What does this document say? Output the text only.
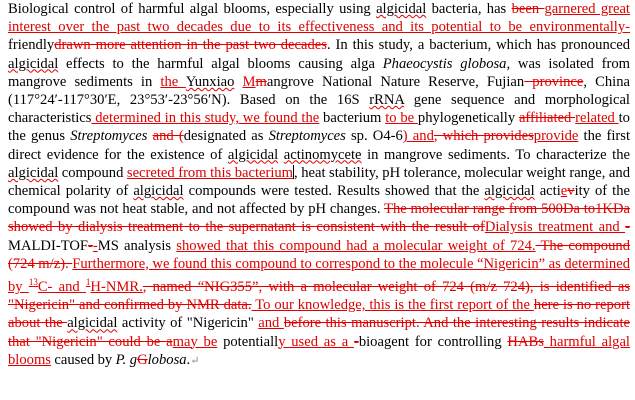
Biological control of harmful algal blooms, especially using algicidal bacteria, has been garnered great interest over the past two decades due to its effectiveness and its potential to be environmentally-friendlydrawn more attention in the past two decades. In this study, a bacterium, which has pronounced algicidal effects to the harmful algal blooms causing alga Phaeocystis globosa, was isolated from mangrove sediments in the Yunxiao Mmangrove National Nature Reserve, Fujian province, China (117°24′-117°30′E, 23°53′-23°56′N). Based on the 16S rRNA gene sequence and morphological characteristics determined in this study, we found the bacterium to be phylogenetically affiliated related to the genus Streptomyces and (designated as Streptomyces sp. O4-6) and, which providesprovide the first direct evidence for the existence of algicidal actinomycete in mangrove sediments. To characterize the algicidal compound secreted from this bacterium, heat stability, pH tolerance, molecular weight range, and chemical polarity of algicidal compounds were tested. Results showed that the algicidal actievity of the compound was not heat stable, and not affected by pH changes. The molecular range from 500Da to1KDa showed by dialysis treatment to the supernatant is consistent with the result ofDialysis treatment and -MALDI-TOF--MS analysis showed that this compound had a molecular weight of 724. The compound (724 m/z). Furthermore, we found this compound to correspond to the molecule “Nigericin” as determined by $^{13}$C- and $^1$H-NMR., named “NIG355”, with a molecular weight of 724 (m/z 724), is identified as "Nigericin" and confirmed by NMR data. To our knowledge, this is the first report of the here is no report about the algicidal activity of "Nigericin" and before this manuscript. And the interesting results indicate that "Nigericin" could be amay be potentially used as a -bioagent for controlling HABs harmful algal blooms caused by P. gGlobosa.↵
